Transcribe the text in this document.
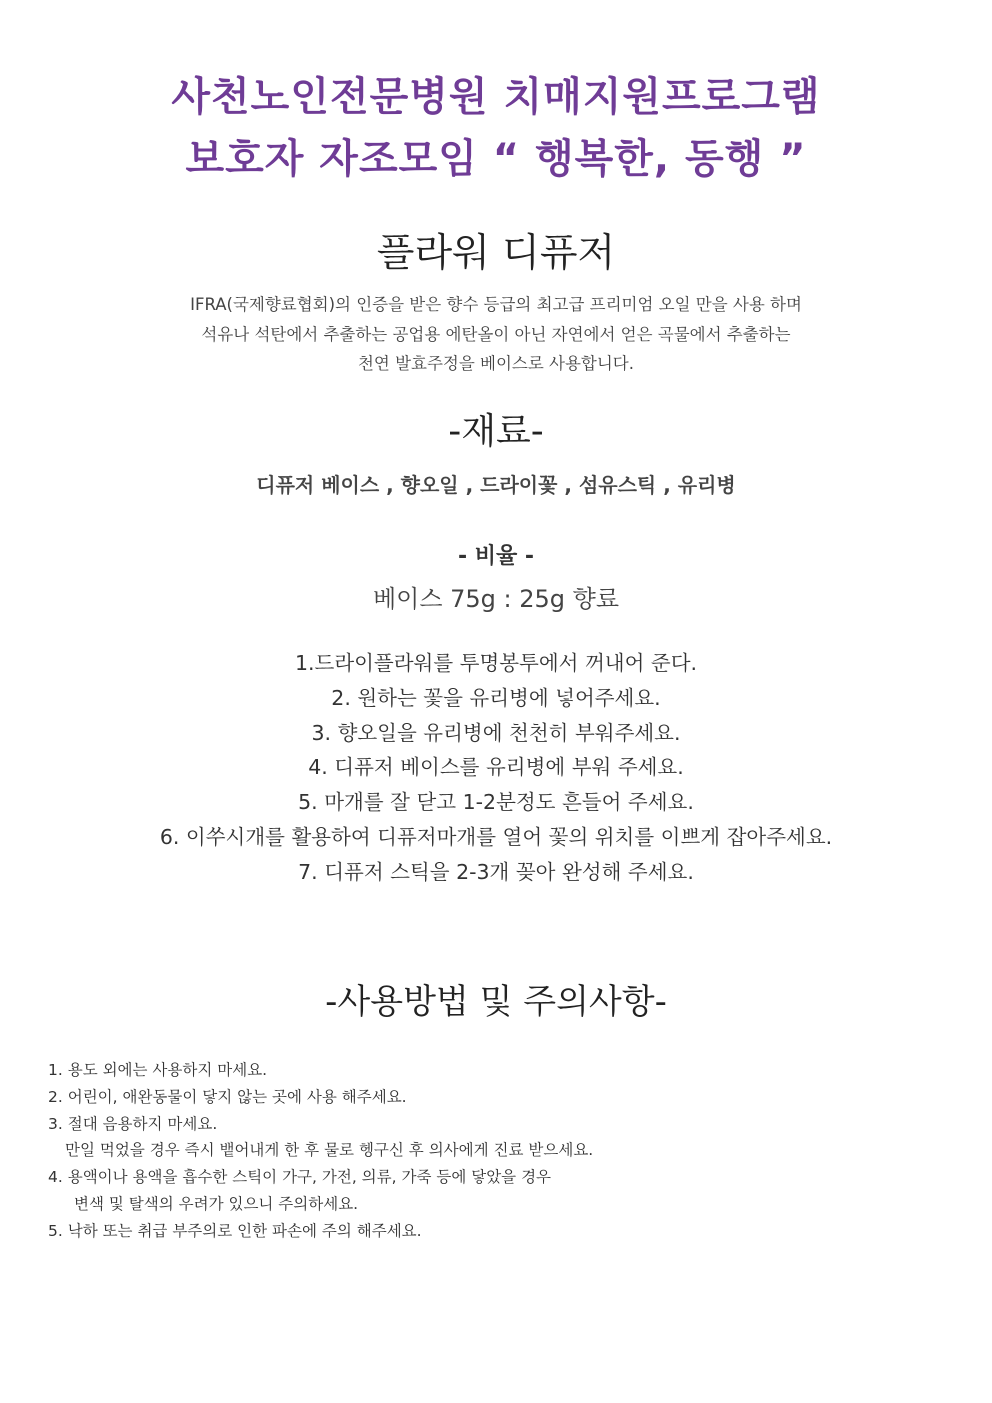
사천노인전문병원 치매지원프로그램
보호자 자조모임 “ 행복한, 동행 ”
플라워 디퓨저
IFRA(국제향료협회)의 인증을 받은 향수 등급의 최고급 프리미엄 오일 만을 사용 하며
석유나 석탄에서 추출하는 공업용 에탄올이 아닌 자연에서 얻은 곡물에서 추출하는
천연 발효주정을 베이스로 사용합니다.
-재료-
디퓨저 베이스 , 향오일 , 드라이꽃 , 섬유스틱 , 유리병
- 비율 -
베이스 75g : 25g 향료
1.드라이플라워를 투명봉투에서 꺼내어 준다.
2. 원하는 꽃을 유리병에 넣어주세요.
3. 향오일을 유리병에 천천히 부워주세요.
4. 디퓨저 베이스를 유리병에 부워 주세요.
5. 마개를 잘 닫고 1-2분정도 흔들어 주세요.
6. 이쑤시개를 활용하여 디퓨저마개를 열어 꽃의 위치를 이쁘게 잡아주세요.
7. 디퓨저 스틱을 2-3개 꽂아 완성해 주세요.
-사용방법 및 주의사항-
1. 용도 외에는 사용하지 마세요.
2. 어린이, 애완동물이 닿지 않는 곳에 사용 해주세요.
3. 절대 음용하지 마세요.
만일 먹었을 경우 즉시 뱉어내게 한 후 물로 헹구신 후 의사에게 진료 받으세요.
4. 용액이나 용액을 흡수한 스틱이 가구, 가전, 의류, 가죽 등에 닿았을 경우
변색 및 탈색의 우려가 있으니 주의하세요.
5. 낙하 또는 취급 부주의로 인한 파손에 주의 해주세요.
